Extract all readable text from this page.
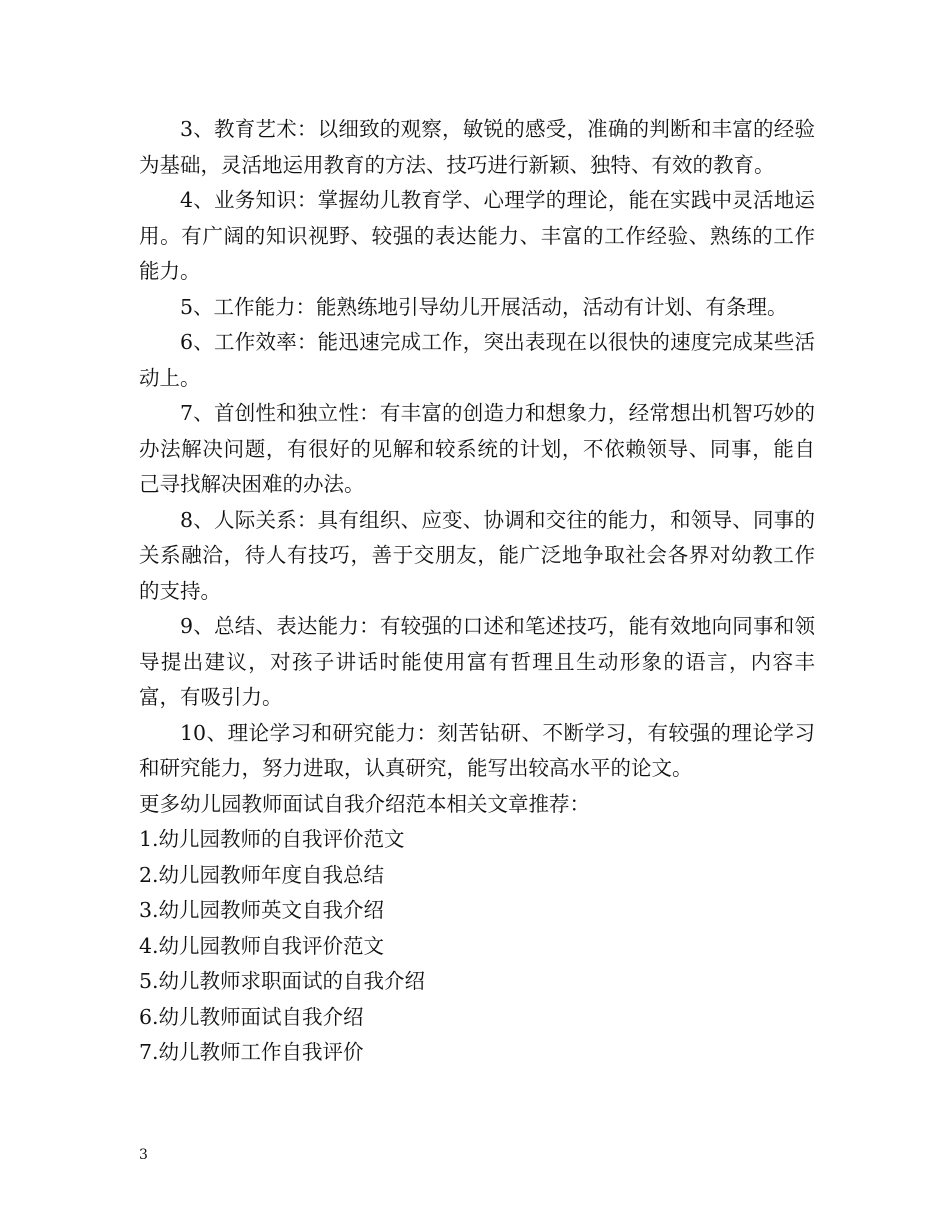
3、教育艺术：以细致的观察，敏锐的感受，准确的判断和丰富的经验为基础，灵活地运用教育的方法、技巧进行新颖、独特、有效的教育。

4、业务知识：掌握幼儿教育学、心理学的理论，能在实践中灵活地运用。有广阔的知识视野、较强的表达能力、丰富的工作经验、熟练的工作能力。

5、工作能力：能熟练地引导幼儿开展活动，活动有计划、有条理。

6、工作效率：能迅速完成工作，突出表现在以很快的速度完成某些活动上。

7、首创性和独立性：有丰富的创造力和想象力，经常想出机智巧妙的办法解决问题，有很好的见解和较系统的计划，不依赖领导、同事，能自己寻找解决困难的办法。

8、人际关系：具有组织、应变、协调和交往的能力，和领导、同事的关系融洽，待人有技巧，善于交朋友，能广泛地争取社会各界对幼教工作的支持。

9、总结、表达能力：有较强的口述和笔述技巧，能有效地向同事和领导提出建议，对孩子讲话时能使用富有哲理且生动形象的语言，内容丰富，有吸引力。

10、理论学习和研究能力：刻苦钻研、不断学习，有较强的理论学习和研究能力，努力进取，认真研究，能写出较高水平的论文。

更多幼儿园教师面试自我介绍范本相关文章推荐：

1.幼儿园教师的自我评价范文
2.幼儿园教师年度自我总结
3.幼儿园教师英文自我介绍
4.幼儿园教师自我评价范文
5.幼儿教师求职面试的自我介绍
6.幼儿教师面试自我介绍
7.幼儿教师工作自我评价
3
